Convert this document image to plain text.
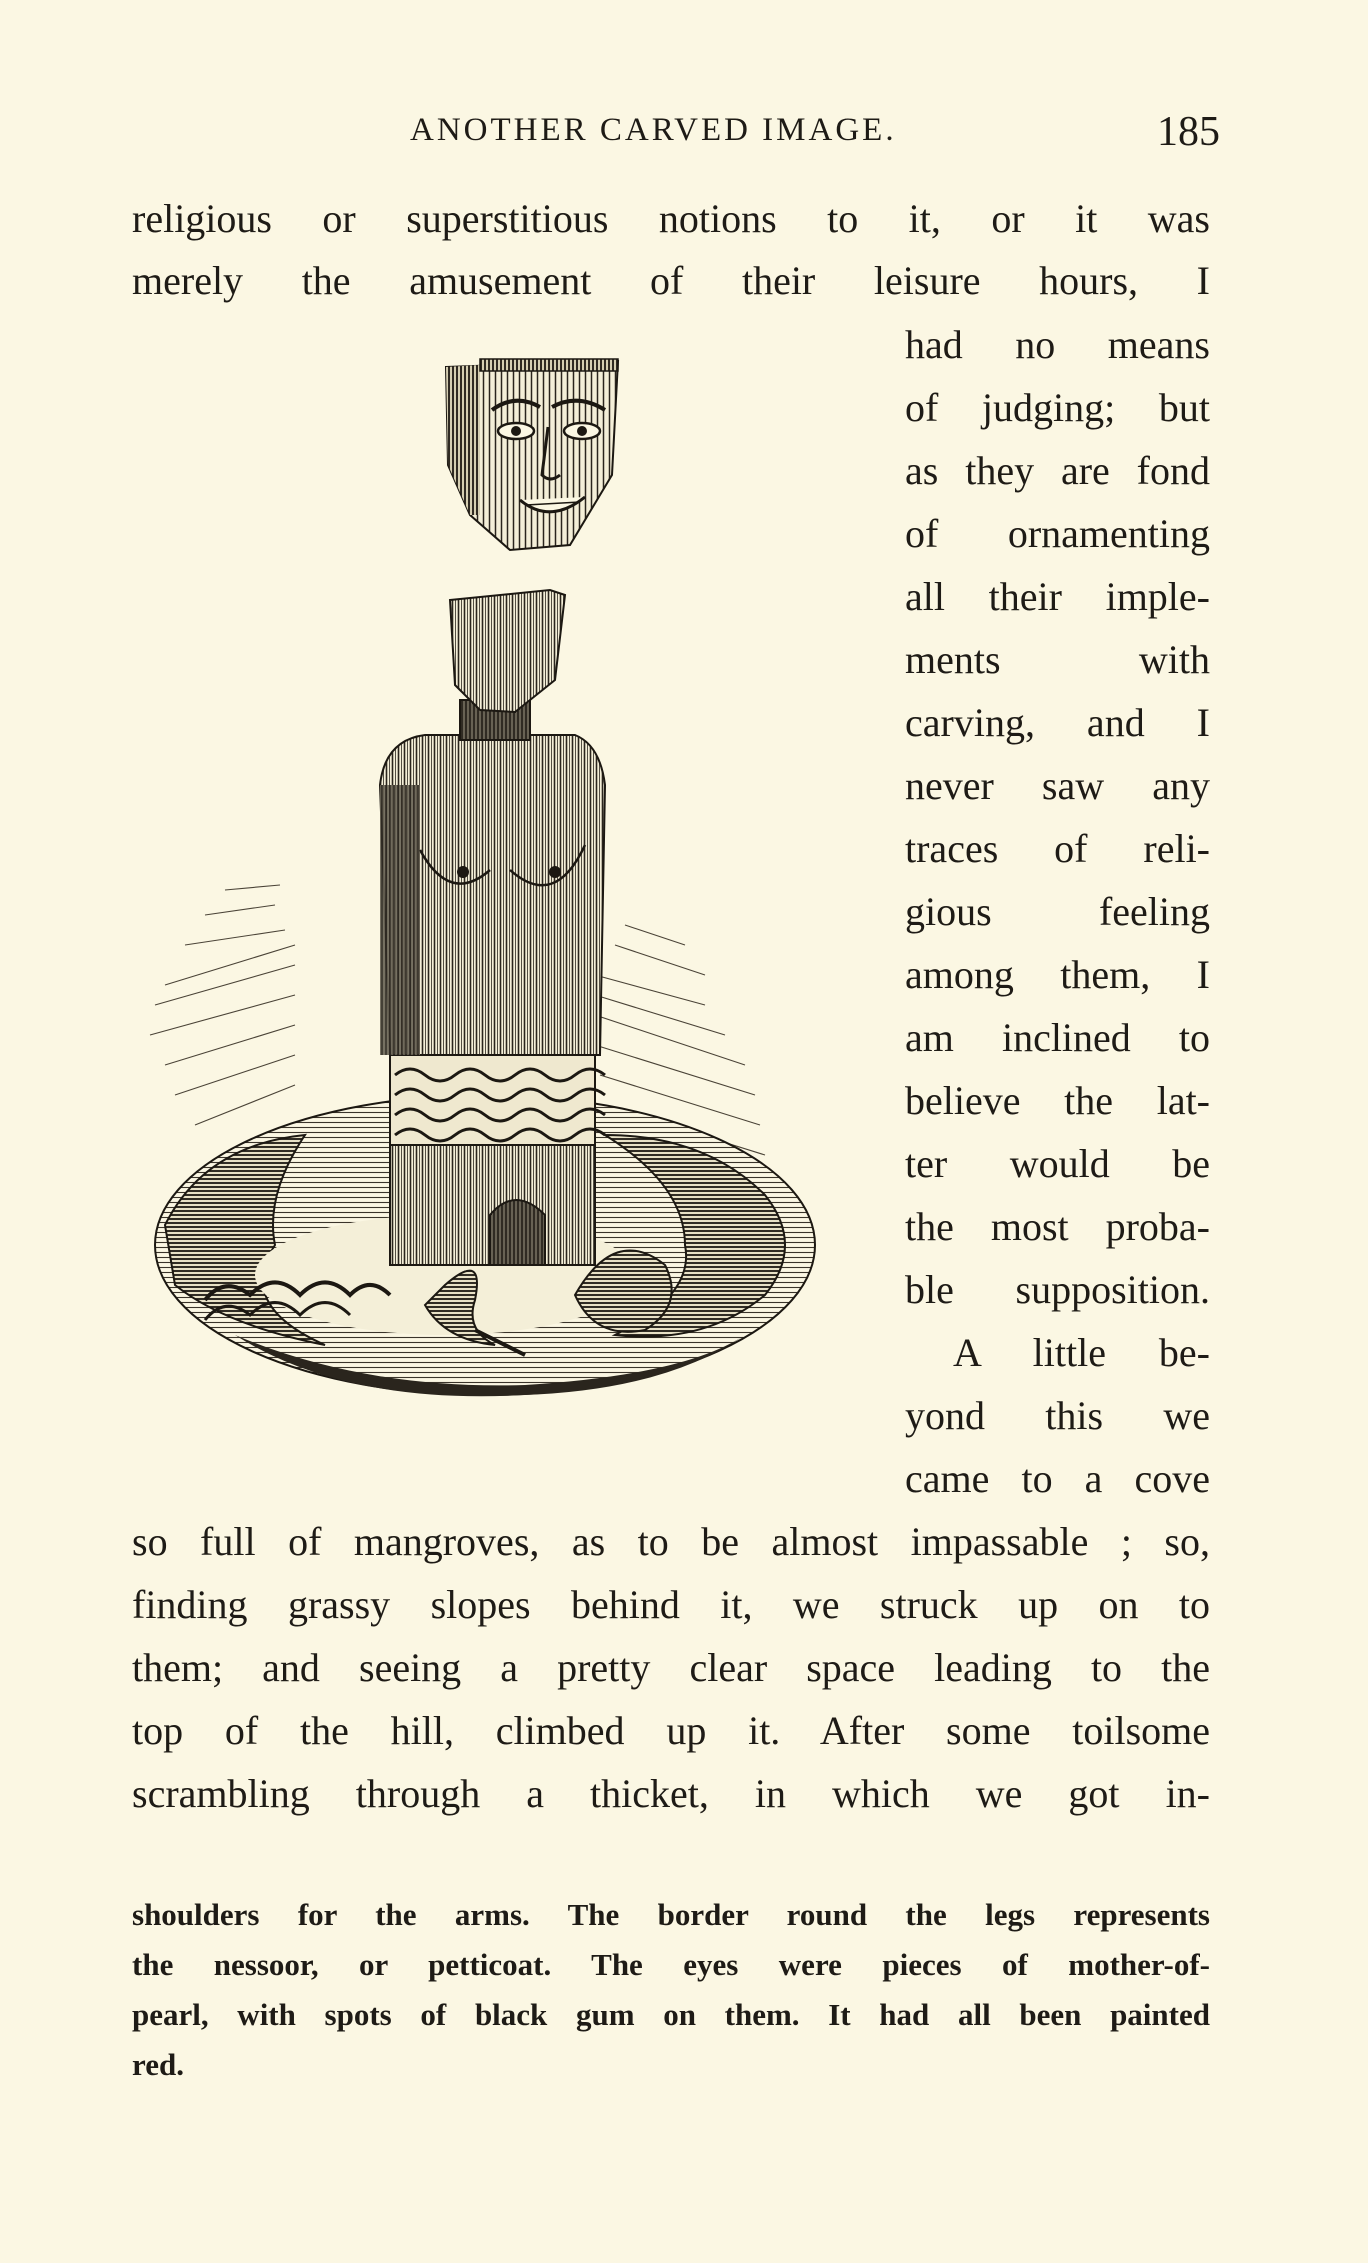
ANOTHER CARVED IMAGE.	185
religious or superstitious notions to it, or it was
merely the amusement of their leisure hours, I
had no means
of judging; but
as they are fond
of ornamenting
all their imple-
ments with
carving, and I
never saw any
traces of reli-
gious feeling
among them, I
am inclined to
believe the lat-
ter would be
the most proba-
ble supposition.
A little be-
yond this we
came to a cove
so full of mangroves, as to be almost impassable ; so,
finding grassy slopes behind it, we struck up on to
them; and seeing a pretty clear space leading to the
top of the hill, climbed up it. After some toilsome
scrambling through a thicket, in which we got in-
shoulders for the arms. The border round the legs represents
the nessoor, or petticoat. The eyes were pieces of mother-of-
pearl, with spots of black gum on them. It had all been painted
red.
